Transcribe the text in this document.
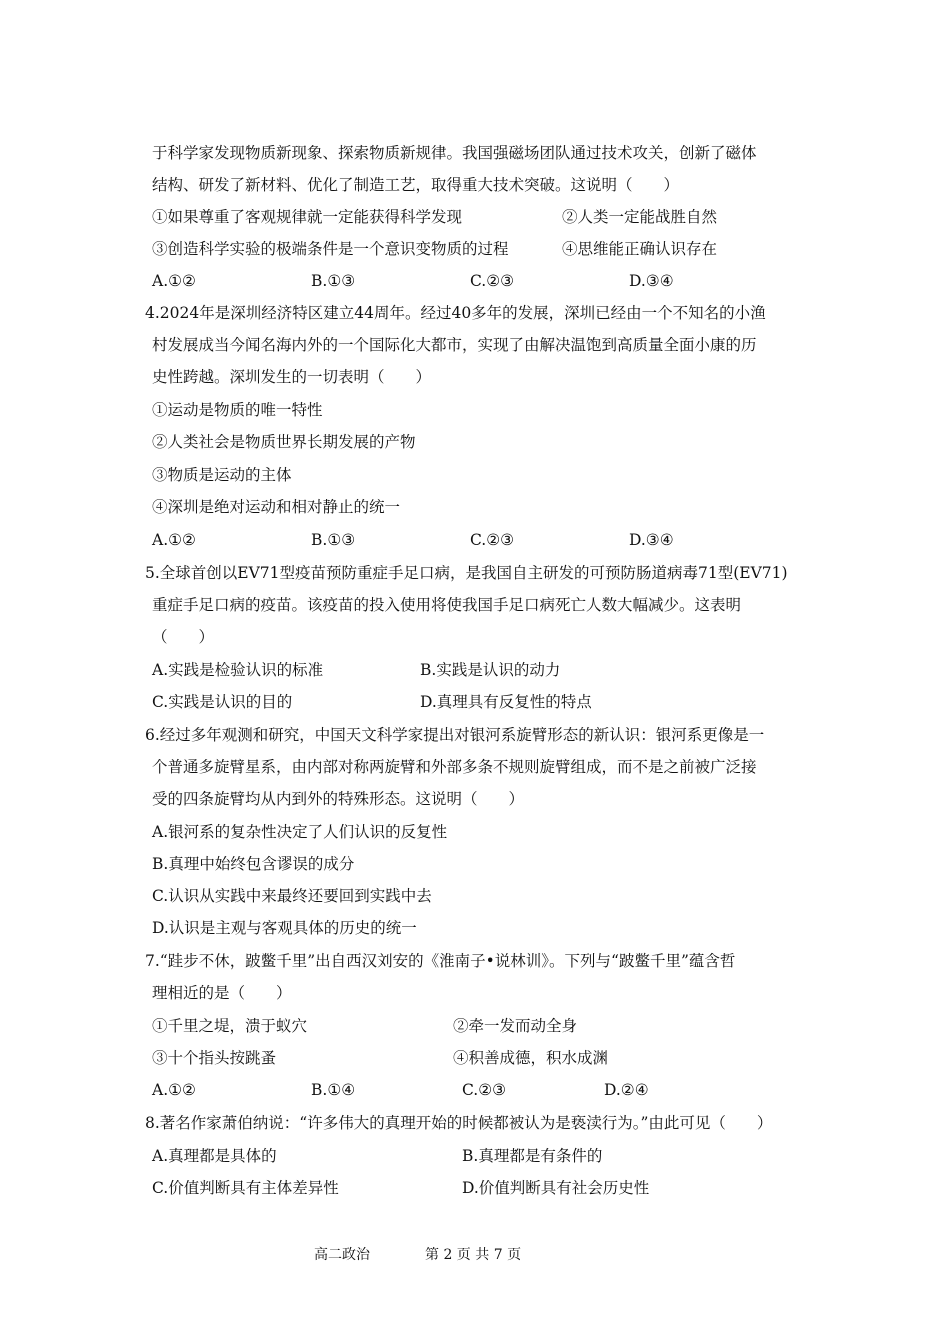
于科学家发现物质新现象、探索物质新规律。我国强磁场团队通过技术攻关，创新了磁体
结构、研发了新材料、优化了制造工艺，取得重大技术突破。这说明（　　）
①如果尊重了客观规律就一定能获得科学发现	②人类一定能战胜自然
③创造科学实验的极端条件是一个意识变物质的过程	④思维能正确认识存在
A.①②	B.①③	C.②③	D.③④
4.2024年是深圳经济特区建立44周年。经过40多年的发展，深圳已经由一个不知名的小渔
村发展成当今闻名海内外的一个国际化大都市，实现了由解决温饱到高质量全面小康的历
史性跨越。深圳发生的一切表明（　　）
①运动是物质的唯一特性
②人类社会是物质世界长期发展的产物
③物质是运动的主体
④深圳是绝对运动和相对静止的统一
A.①②	B.①③	C.②③	D.③④
5.全球首创以EV71型疫苗预防重症手足口病，是我国自主研发的可预防肠道病毒71型(EV71)
重症手足口病的疫苗。该疫苗的投入使用将使我国手足口病死亡人数大幅减少。这表明
（　　）
A.实践是检验认识的标准	B.实践是认识的动力
C.实践是认识的目的	D.真理具有反复性的特点
6.经过多年观测和研究，中国天文科学家提出对银河系旋臂形态的新认识：银河系更像是一
个普通多旋臂星系，由内部对称两旋臂和外部多条不规则旋臂组成，而不是之前被广泛接
受的四条旋臂均从内到外的特殊形态。这说明（　　）
A.银河系的复杂性决定了人们认识的反复性
B.真理中始终包含谬误的成分
C.认识从实践中来最终还要回到实践中去
D.认识是主观与客观具体的历史的统一
7.“跬步不休，跛鳖千里”出自西汉刘安的《淮南子•说林训》。下列与“跛鳖千里”蕴含哲
理相近的是（　　）
①千里之堤，溃于蚁穴	②牵一发而动全身
③十个指头按跳蚤	④积善成德，积水成渊
A.①②	B.①④	C.②③	D.②④
8.著名作家萧伯纳说：“许多伟大的真理开始的时候都被认为是亵渎行为。”由此可见（　　）
A.真理都是具体的	B.真理都是有条件的
C.价值判断具有主体差异性	D.价值判断具有社会历史性
高二政治	第 2 页 共 7 页
